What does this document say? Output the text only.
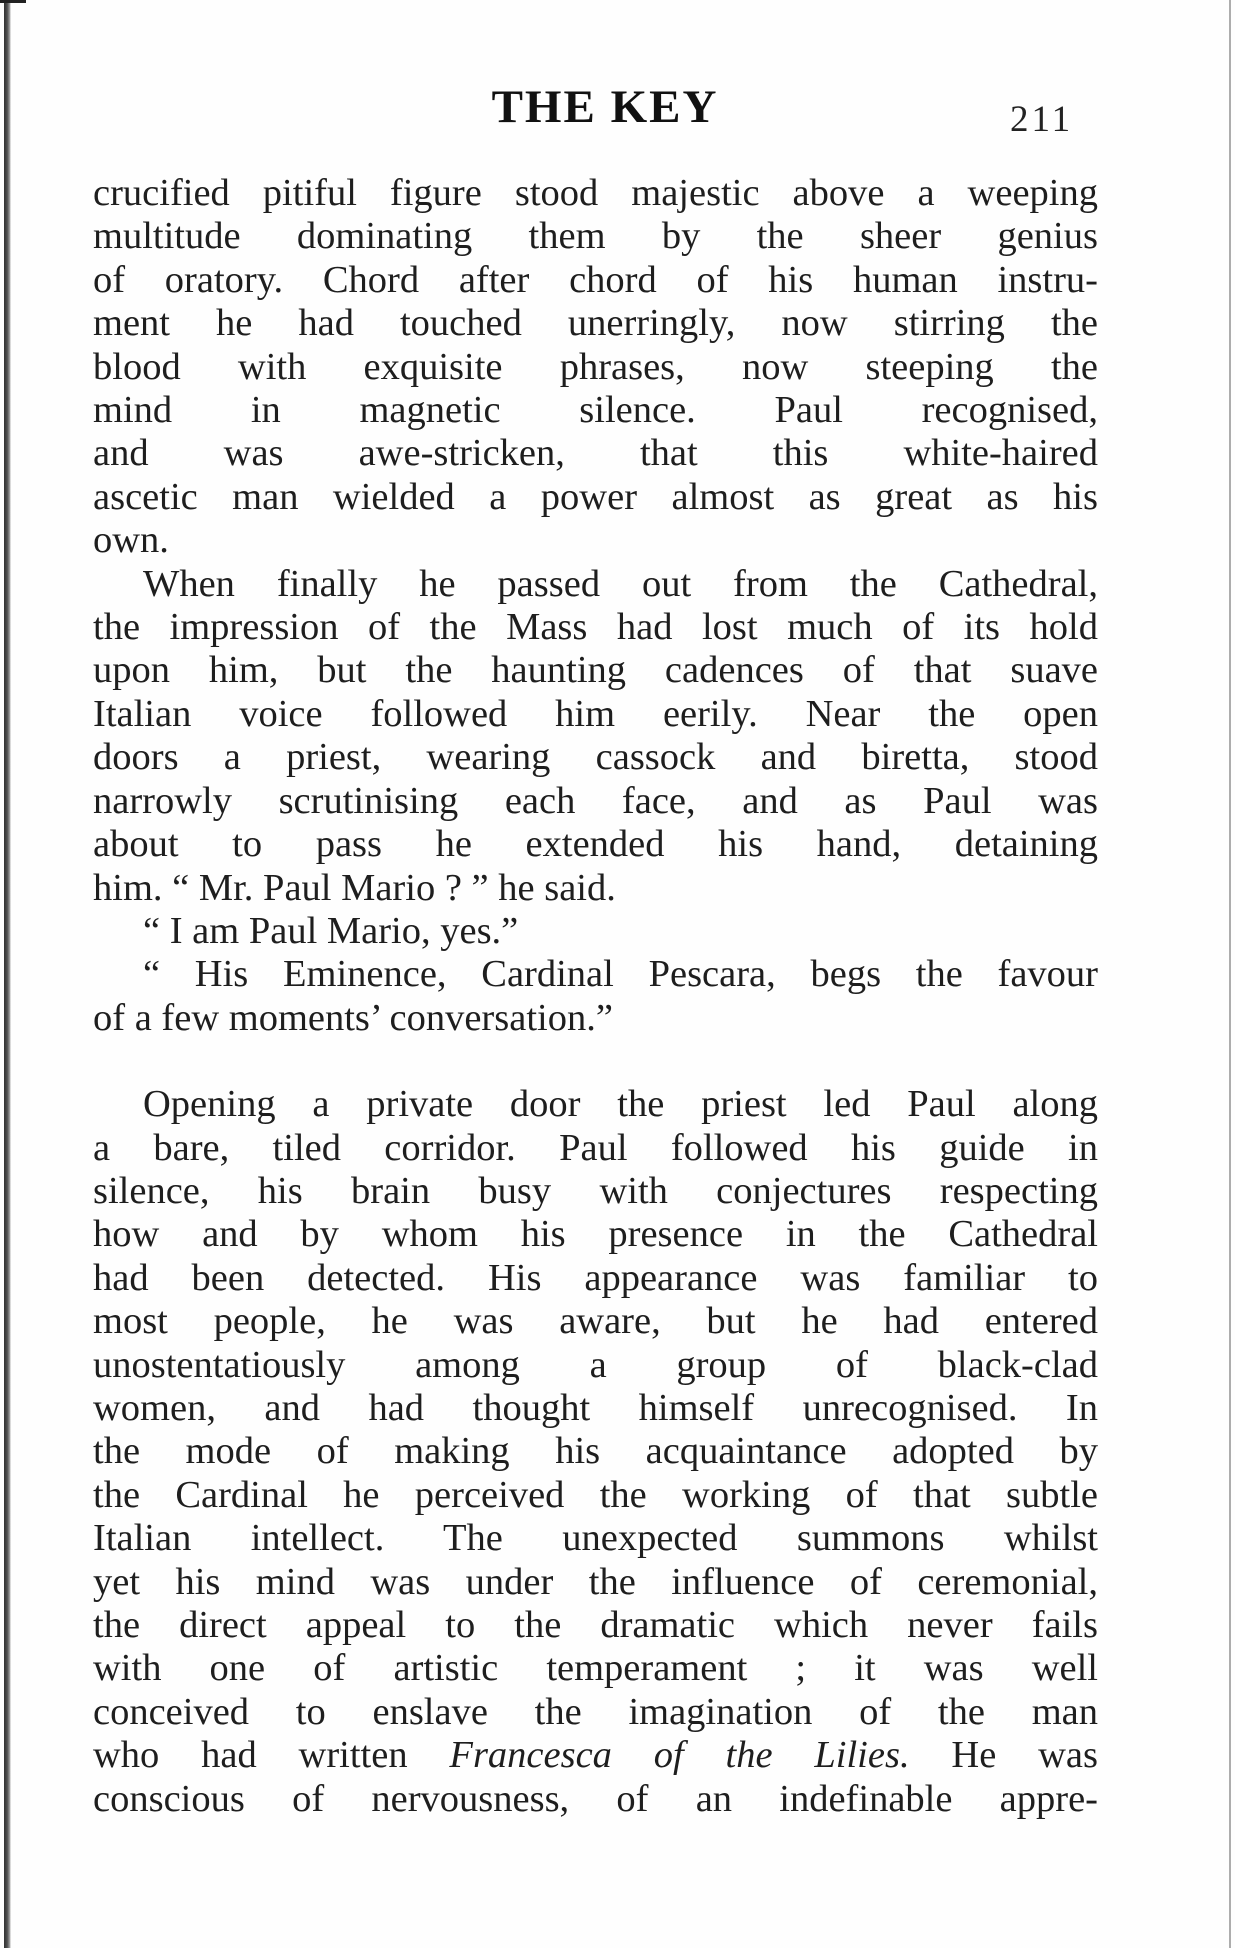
THE KEY	211
crucified pitiful figure stood majestic above a weeping
multitude dominating them by the sheer genius
of oratory. Chord after chord of his human instru-
ment he had touched unerringly, now stirring the
blood with exquisite phrases, now steeping the
mind in magnetic silence. Paul recognised,
and was awe-stricken, that this white-haired
ascetic man wielded a power almost as great as his
own.
When finally he passed out from the Cathedral,
the impression of the Mass had lost much of its hold
upon him, but the haunting cadences of that suave
Italian voice followed him eerily. Near the open
doors a priest, wearing cassock and biretta, stood
narrowly scrutinising each face, and as Paul was
about to pass he extended his hand, detaining
him. “ Mr. Paul Mario ? ” he said.
“ I am Paul Mario, yes.”
“ His Eminence, Cardinal Pescara, begs the favour
of a few moments’ conversation.”
Opening a private door the priest led Paul along
a bare, tiled corridor. Paul followed his guide in
silence, his brain busy with conjectures respecting
how and by whom his presence in the Cathedral
had been detected. His appearance was familiar to
most people, he was aware, but he had entered
unostentatiously among a group of black-clad
women, and had thought himself unrecognised. In
the mode of making his acquaintance adopted by
the Cardinal he perceived the working of that subtle
Italian intellect. The unexpected summons whilst
yet his mind was under the influence of ceremonial,
the direct appeal to the dramatic which never fails
with one of artistic temperament ; it was well
conceived to enslave the imagination of the man
who had written Francesca of the Lilies. He was
conscious of nervousness, of an indefinable appre-
